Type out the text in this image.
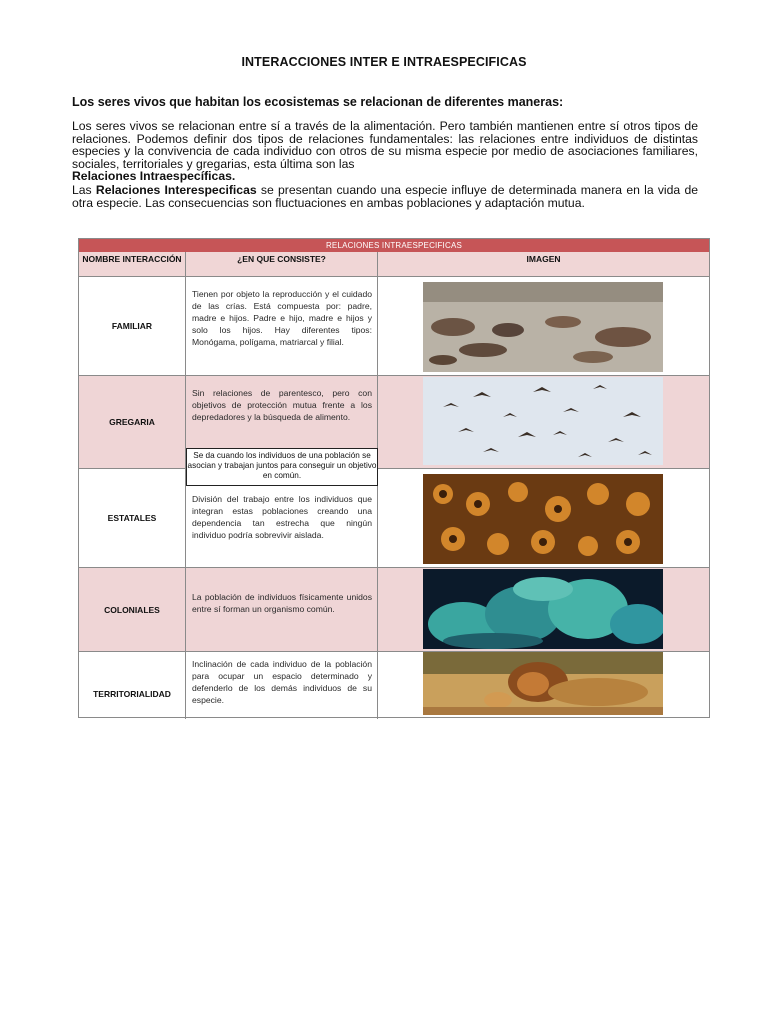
INTERACCIONES INTER E INTRAESPECIFICAS
Los seres vivos que habitan los ecosistemas se relacionan de diferentes maneras:
Los seres vivos se relacionan entre sí a través de la alimentación. Pero también mantienen entre sí otros tipos de relaciones. Podemos definir dos tipos de relaciones fundamentales: las relaciones entre individuos de distintas especies y la convivencia de cada individuo con otros de su misma especie por medio de asociaciones familiares, sociales, territoriales y gregarias, esta última son las
Relaciones Intraespecíficas.
Las Relaciones Interespecificas se presentan cuando una especie influye de determinada manera en la vida de otra especie. Las consecuencias son fluctuaciones en ambas poblaciones y adaptación mutua.
RELACIONES INTRAESPECIFICAS
NOMBRE INTERACCIÓN	¿EN QUE CONSISTE?	IMAGEN
FAMILIAR
Tienen por objeto la reproducción y el cuidado de las crías. Está compuesta por: padre, madre e hijos. Padre e hijo, madre e hijos y solo los hijos. Hay diferentes tipos: Monógama, polígama, matriarcal y filial.
GREGARIA
Sin relaciones de parentesco, pero con objetivos de protección mutua frente a los depredadores y la búsqueda de alimento.
ESTATALES
División del trabajo entre los individuos que integran estas poblaciones creando una dependencia tan estrecha que ningún individuo podría sobrevivir aislada.
COLONIALES
La población de individuos físicamente unidos entre sí forman un organismo común.
TERRITORIALIDAD
Inclinación de cada individuo de la población para ocupar un espacio determinado y defenderlo de los demás individuos de su especie.
Se da cuando los individuos de una población se asocian y trabajan juntos para conseguir un objetivo en común.
